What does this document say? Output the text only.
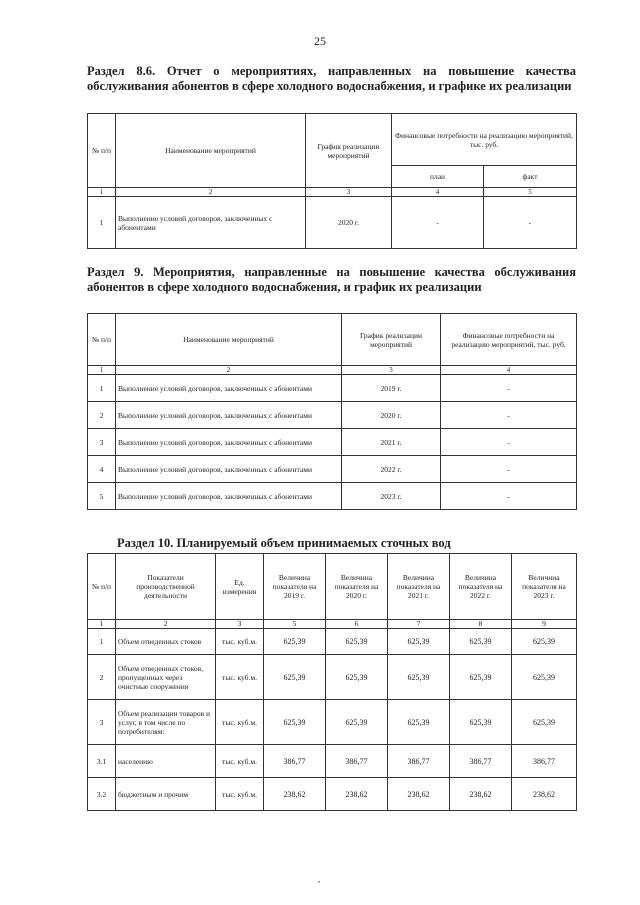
25
Раздел 8.6. Отчет о мероприятиях, направленных на повышение качества обслуживания абонентов в сфере холодного водоснабжения, и графике их реализации
№ п/п	Наименование мероприятий	График реализации мероприятий	Финансовые потребности на реализацию мероприятий, тыс. руб.	
			план	факт
1	2	3	4	5
1	Выполнение условий договоров, заключенных с абонентами	2020 г.	-	-
Раздел 9. Мероприятия, направленные на повышение качества обслуживания абонентов в сфере холодного водоснабжения, и график их реализации
№ п/п	Наименование мероприятий	График реализации мероприятий	Финансовые потребности на реализацию мероприятий, тыс. руб.
1	2	3	4
1	Выполнение условий договоров, заключенных с абонентами	2019 г.	-
2	Выполнение условий договоров, заключенных с абонентами	2020 г.	-
3	Выполнение условий договоров, заключенных с абонентами	2021 г.	-
4	Выполнение условий договоров, заключенных с абонентами	2022 г.	-
5	Выполнение условий договоров, заключенных с абонентами	2023 г.	-
Раздел 10. Планируемый объем принимаемых сточных вод
№ п/п	Показатели производственной деятельности	Ед. измерения	Величина показателя на 2019 г.	Величина показателя на 2020 г.	Величина показателя на 2021 г.	Величина показателя на 2022 г.	Величина показателя на 2023 г.
1	2	3	5	6	7	8	9
1	Объем отведенных стоков	тыс. куб.м.	625,39	625,39	625,39	625,39	625,39
2	Объем отведенных стоков, пропущенных через очистные сооружения	тыс. куб.м.	625,39	625,39	625,39	625,39	625,39
3	Объем реализации товаров и услуг, в том числе по потребителям:	тыс. куб.м.	625,39	625,39	625,39	625,39	625,39
3.1	населению	тыс. куб.м.	386,77	386,77	386,77	386,77	386,77
3.2	бюджетным и прочим	тыс. куб.м.	238,62	238,62	238,62	238,62	238,62
